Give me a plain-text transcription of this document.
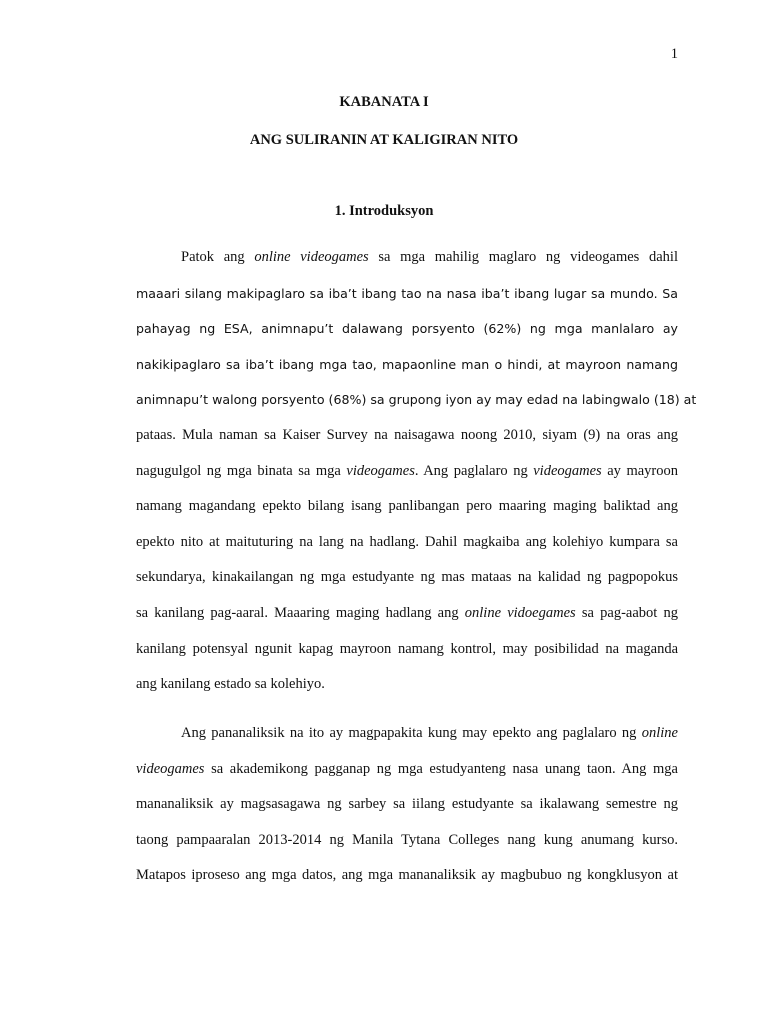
1
KABANATA I
ANG SULIRANIN AT KALIGIRAN NITO
1. Introduksyon
Patok ang online videogames sa mga mahilig maglaro ng videogames dahil
maaari silang makipaglaro sa iba’t ibang tao na nasa iba’t ibang lugar sa mundo. Sa
pahayag ng ESA, animnapu’t dalawang porsyento (62%) ng mga manlalaro ay
nakikipaglaro sa iba’t ibang mga tao, mapaonline man o hindi, at mayroon namang
animnapu’t walong porsyento (68%) sa grupong iyon ay may edad na labingwalo (18) at
pataas. Mula naman sa Kaiser Survey na naisagawa noong 2010, siyam (9) na oras ang
nagugulgol ng mga binata sa mga videogames. Ang paglalaro ng videogames ay mayroon
namang magandang epekto bilang isang panlibangan pero maaring maging baliktad ang
epekto nito at maituturing na lang na hadlang. Dahil magkaiba ang kolehiyo kumpara sa
sekundarya, kinakailangan ng mga estudyante ng mas mataas na kalidad ng pagpopokus
sa kanilang pag-aaral. Maaaring maging hadlang ang online vidoegames sa pag-aabot ng
kanilang potensyal ngunit kapag mayroon namang kontrol, may posibilidad na maganda
ang kanilang estado sa kolehiyo.
Ang pananaliksik na ito ay magpapakita kung may epekto ang paglalaro ng online
videogames sa akademikong pagganap ng mga estudyanteng nasa unang taon. Ang mga
mananaliksik ay magsasagawa ng sarbey sa iilang estudyante sa ikalawang semestre ng
taong pampaaralan 2013-2014 ng Manila Tytana Colleges nang kung anumang kurso.
Matapos iproseso ang mga datos, ang mga mananaliksik ay magbubuo ng kongklusyon at
